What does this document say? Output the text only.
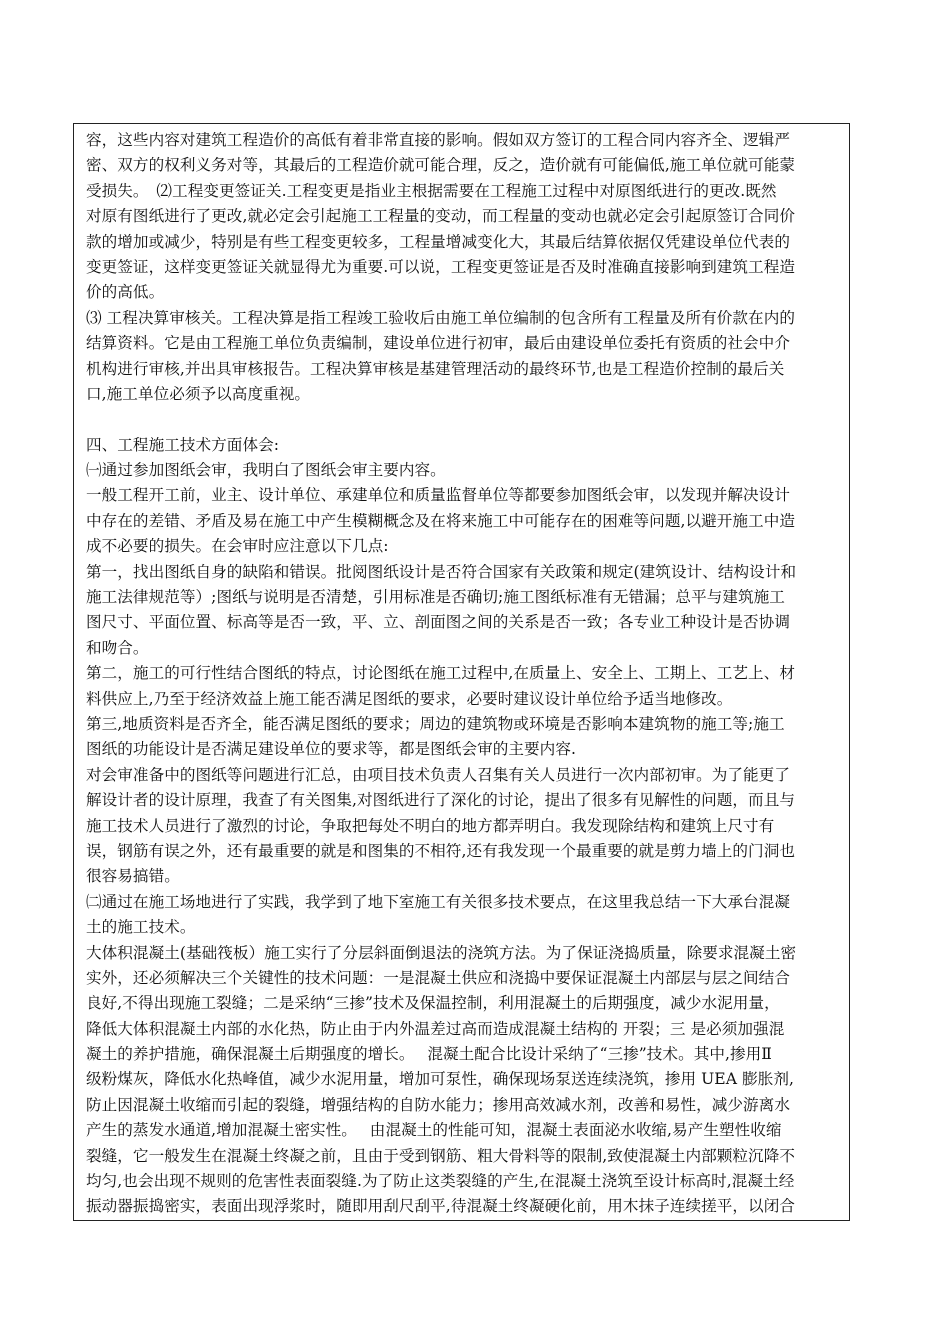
容，这些内容对建筑工程造价的高低有着非常直接的影响。假如双方签订的工程合同内容齐全、逻辑严
密、双方的权利义务对等，其最后的工程造价就可能合理，反之，造价就有可能偏低,施工单位就可能蒙
受损失。　⑵工程变更签证关.工程变更是指业主根据需要在工程施工过程中对原图纸进行的更改.既然
对原有图纸进行了更改,就必定会引起施工工程量的变动，而工程量的变动也就必定会引起原签订合同价
款的增加或减少，特别是有些工程变更较多，工程量增减变化大，其最后结算依据仅凭建设单位代表的
变更签证，这样变更签证关就显得尤为重要.可以说，工程变更签证是否及时准确直接影响到建筑工程造
价的高低。
⑶ 工程决算审核关。工程决算是指工程竣工验收后由施工单位编制的包含所有工程量及所有价款在内的
结算资料。它是由工程施工单位负责编制，建设单位进行初审，最后由建设单位委托有资质的社会中介
机构进行审核,并出具审核报告。工程决算审核是基建管理活动的最终环节,也是工程造价控制的最后关
口,施工单位必须予以高度重视。
四、工程施工技术方面体会:
㈠通过参加图纸会审，我明白了图纸会审主要内容。
一般工程开工前，业主、设计单位、承建单位和质量监督单位等都要参加图纸会审，以发现并解决设计
中存在的差错、矛盾及易在施工中产生模糊概念及在将来施工中可能存在的困难等问题,以避开施工中造
成不必要的损失。在会审时应注意以下几点:
第一，找出图纸自身的缺陷和错误。批阅图纸设计是否符合国家有关政策和规定(建筑设计、结构设计和
施工法律规范等）;图纸与说明是否清楚，引用标准是否确切;施工图纸标准有无错漏；总平与建筑施工
图尺寸、平面位置、标高等是否一致，平、立、剖面图之间的关系是否一致；各专业工种设计是否协调
和吻合。
第二，施工的可行性结合图纸的特点，讨论图纸在施工过程中,在质量上、安全上、工期上、工艺上、材
料供应上,乃至于经济效益上施工能否满足图纸的要求，必要时建议设计单位给予适当地修改。
第三,地质资料是否齐全，能否满足图纸的要求；周边的建筑物或环境是否影响本建筑物的施工等;施工
图纸的功能设计是否满足建设单位的要求等，都是图纸会审的主要内容.
对会审准备中的图纸等问题进行汇总，由项目技术负责人召集有关人员进行一次内部初审。为了能更了
解设计者的设计原理，我查了有关图集,对图纸进行了深化的讨论，提出了很多有见解性的问题，而且与
施工技术人员进行了激烈的讨论，争取把每处不明白的地方都弄明白。我发现除结构和建筑上尺寸有
误，钢筋有误之外，还有最重要的就是和图集的不相符,还有我发现一个最重要的就是剪力墙上的门洞也
很容易搞错。
㈡通过在施工场地进行了实践，我学到了地下室施工有关很多技术要点，在这里我总结一下大承台混凝
土的施工技术。
大体积混凝土(基础筏板）施工实行了分层斜面倒退法的浇筑方法。为了保证浇捣质量，除要求混凝土密
实外，还必须解决三个关键性的技术问题：一是混凝土供应和浇捣中要保证混凝土内部层与层之间结合
良好,不得出现施工裂缝；二是采纳“三掺”技术及保温控制，利用混凝土的后期强度，减少水泥用量，
降低大体积混凝土内部的水化热，防止由于内外温差过高而造成混凝土结构的 开裂；三 是必须加强混
凝土的养护措施，确保混凝土后期强度的增长。　 混凝土配合比设计采纳了“三掺”技术。其中,掺用Ⅱ
级粉煤灰，降低水化热峰值，减少水泥用量，增加可泵性，确保现场泵送连续浇筑，掺用 UEA 膨胀剂,
防止因混凝土收缩而引起的裂缝，增强结构的自防水能力；掺用高效减水剂，改善和易性，减少游离水
产生的蒸发水通道,增加混凝土密实性。　 由混凝土的性能可知，混凝土表面泌水收缩,易产生塑性收缩
裂缝，它一般发生在混凝土终凝之前，且由于受到钢筋、粗大骨料等的限制,致使混凝土内部颗粒沉降不
均匀,也会出现不规则的危害性表面裂缝.为了防止这类裂缝的产生,在混凝土浇筑至设计标高时,混凝土经
振动器振捣密实，表面出现浮浆时，随即用刮尺刮平,待混凝土终凝硬化前，用木抹子连续搓平，以闭合
